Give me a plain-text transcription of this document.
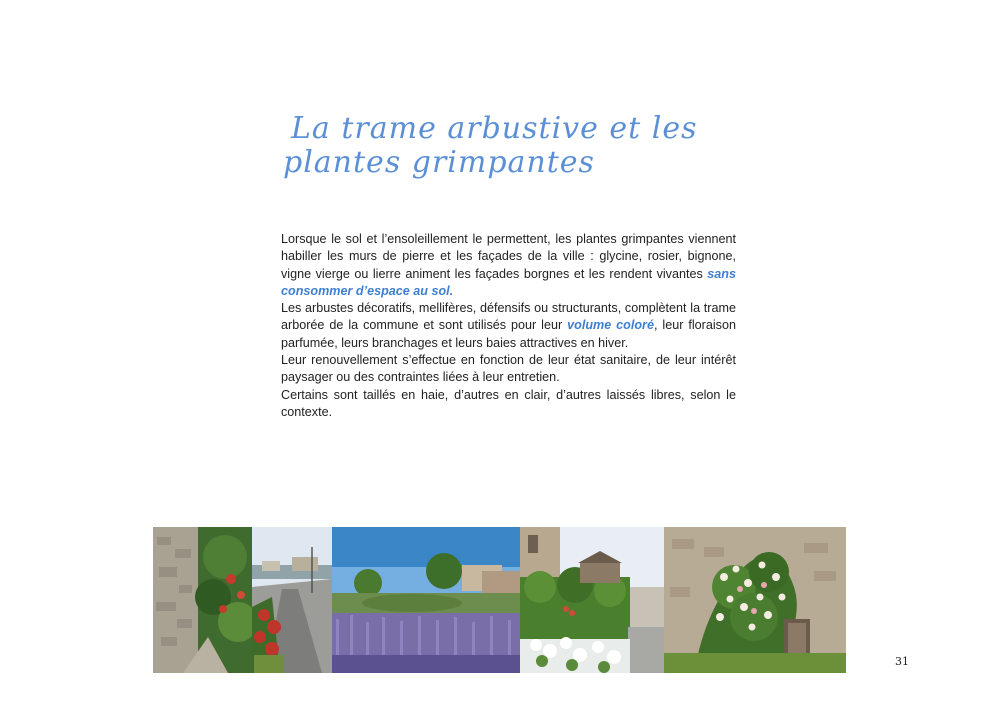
La trame arbustive et les
plantes grimpantes

Lorsque le sol et l’ensoleillement le permettent, les plantes grimpantes viennent habiller les murs de pierre et les façades de la ville : glycine, rosier, bignone, vigne vierge ou lierre animent les façades borgnes et les rendent vivantes sans consommer d’espace au sol.

Les arbustes décoratifs, mellifères, défensifs ou structurants, complètent la trame arborée de la commune et sont utilisés pour leur volume coloré, leur floraison parfumée, leurs branchages et leurs baies attractives en hiver.

Leur renouvellement s’effectue en fonction de leur état sanitaire, de leur intérêt paysager ou des contraintes liées à leur entretien.

Certains sont taillés en haie, d’autres en clair, d’autres laissés libres, selon le contexte.

31
